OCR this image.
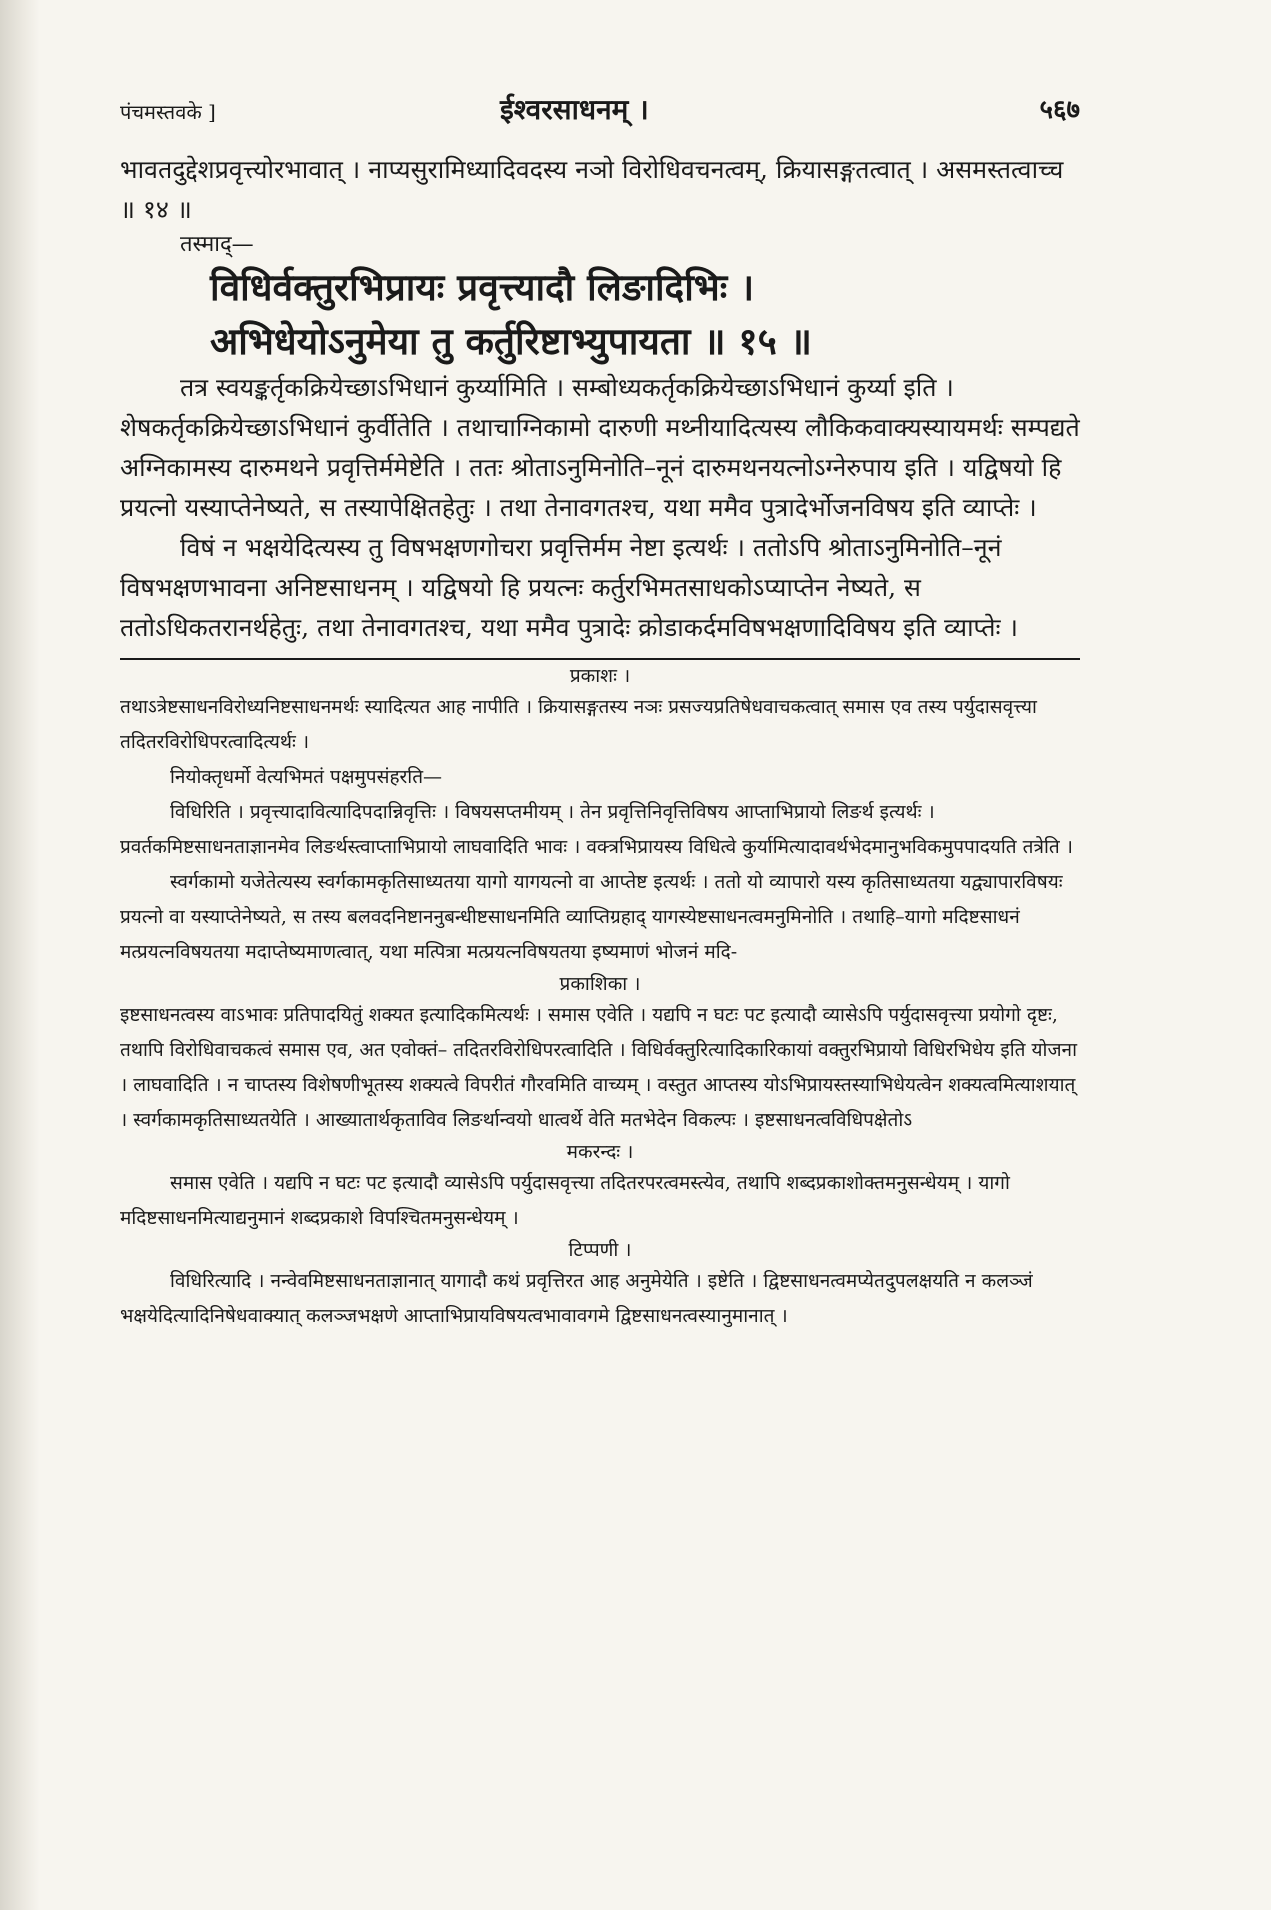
पंचमस्तवके ]	ईश्वरसाधनम् ।	५६७

भावतदुद्देशप्रवृत्त्योरभावात् । नाप्यसुरामिध्यादिवदस्य नञो विरोधिवचनत्वम्, क्रियासङ्गतत्वात् । असमस्तत्वाच्च ॥ १४ ॥

तस्माद्—

विधिर्वक्तुरभिप्रायः प्रवृत्त्यादौ लिङादिभिः ।

अभिधेयोऽनुमेया तु कर्तुरिष्टाभ्युपायता ॥ १५ ॥

तत्र स्वयङ्कर्तृकक्रियेच्छाऽभिधानं कुर्य्यामिति । सम्बोध्यकर्तृकक्रियेच्छाऽभिधानं कुर्य्या इति । शेषकर्तृकक्रियेच्छाऽभिधानं कुर्वीतेति । तथाचाग्निकामो दारुणी मथ्नीयादित्यस्य लौकिकवाक्यस्यायमर्थः सम्पद्यते अग्निकामस्य दारुमथने प्रवृत्तिर्ममेष्टेति । ततः श्रोताऽनुमिनोति–नूनं दारुमथनयत्नोऽग्नेरुपाय इति । यद्विषयो हि प्रयत्नो यस्याप्तेनेष्यते, स तस्यापेक्षितहेतुः । तथा तेनावगतश्च, यथा ममैव पुत्रादेर्भोजनविषय इति व्याप्तेः ।

विषं न भक्षयेदित्यस्य तु विषभक्षणगोचरा प्रवृत्तिर्मम नेष्टा इत्यर्थः । ततोऽपि श्रोताऽनुमिनोति–नूनं विषभक्षणभावना अनिष्टसाधनम् । यद्विषयो हि प्रयत्नः कर्तुरभिमतसाधकोऽप्याप्तेन नेष्यते, स ततोऽधिकतरानर्थहेतुः, तथा तेनावगतश्च, यथा ममैव पुत्रादेः क्रोडाकर्दमविषभक्षणादिविषय इति व्याप्तेः ।

प्रकाशः ।

तथाऽत्रेष्टसाधनविरोध्यनिष्टसाधनमर्थः स्यादित्यत आह नापीति । क्रियासङ्गतस्य नञः प्रसज्यप्रतिषेधवाचकत्वात् समास एव तस्य पर्युदासवृत्त्या तदितरविरोधिपरत्वादित्यर्थः ।

नियोक्तृधर्मो वेत्यभिमतं पक्षमुपसंहरति—

विधिरिति । प्रवृत्त्यादावित्यादिपदान्निवृत्तिः । विषयसप्तमीयम् । तेन प्रवृत्तिनिवृत्तिविषय आप्ताभिप्रायो लिङर्थ इत्यर्थः । प्रवर्तकमिष्टसाधनताज्ञानमेव लिङर्थस्त्वाप्ताभिप्रायो लाघवादिति भावः । वक्त्रभिप्रायस्य विधित्वे कुर्यामित्यादावर्थभेदमानुभविकमुपपादयति तत्रेति ।

स्वर्गकामो यजेतेत्यस्य स्वर्गकामकृतिसाध्यतया यागो यागयत्नो वा आप्तेष्ट इत्यर्थः । ततो यो व्यापारो यस्य कृतिसाध्यतया यद्व्यापारविषयः प्रयत्नो वा यस्याप्तेनेष्यते, स तस्य बलवदनिष्टाननुबन्धीष्टसाधनमिति व्याप्तिग्रहाद् यागस्येष्टसाधनत्वमनुमिनोति । तथाहि–यागो मदिष्टसाधनं मत्प्रयत्नविषयतया मदाप्तेष्यमाणत्वात्, यथा मत्पित्रा मत्प्रयत्नविषयतया इष्यमाणं भोजनं मदि-

प्रकाशिका ।

इष्टसाधनत्वस्य वाऽभावः प्रतिपादयितुं शक्यत इत्यादिकमित्यर्थः । समास एवेति । यद्यपि न घटः पट इत्यादौ व्यासेऽपि पर्युदासवृत्त्या प्रयोगो दृष्टः, तथापि विरोधिवाचकत्वं समास एव, अत एवोक्तं– तदितरविरोधिपरत्वादिति । विधिर्वक्तुरित्यादिकारिकायां वक्तुरभिप्रायो विधिरभिधेय इति योजना । लाघवादिति । न चाप्तस्य विशेषणीभूतस्य शक्यत्वे विपरीतं गौरवमिति वाच्यम् । वस्तुत आप्तस्य योऽभिप्रायस्तस्याभिधेयत्वेन शक्यत्वमित्याशयात् । स्वर्गकामकृतिसाध्यतयेति । आख्यातार्थकृताविव लिङर्थान्वयो धात्वर्थे वेति मतभेदेन विकल्पः । इष्टसाधनत्वविधिपक्षेतोऽ

मकरन्दः ।

समास एवेति । यद्यपि न घटः पट इत्यादौ व्यासेऽपि पर्युदासवृत्त्या तदितरपरत्वमस्त्येव, तथापि शब्दप्रकाशोक्तमनुसन्धेयम् । यागो मदिष्टसाधनमित्याद्यनुमानं शब्दप्रकाशे विपश्चितमनुसन्धेयम् ।

टिप्पणी ।

विधिरित्यादि । नन्वेवमिष्टसाधनताज्ञानात् यागादौ कथं प्रवृत्तिरत आह अनुमेयेति । इष्टेति । द्विष्टसाधनत्वमप्येतदुपलक्षयति न कलञ्जं भक्षयेदित्यादिनिषेधवाक्यात् कलञ्जभक्षणे आप्ताभिप्रायविषयत्वभावावगमे द्विष्टसाधनत्वस्यानुमानात् ।
